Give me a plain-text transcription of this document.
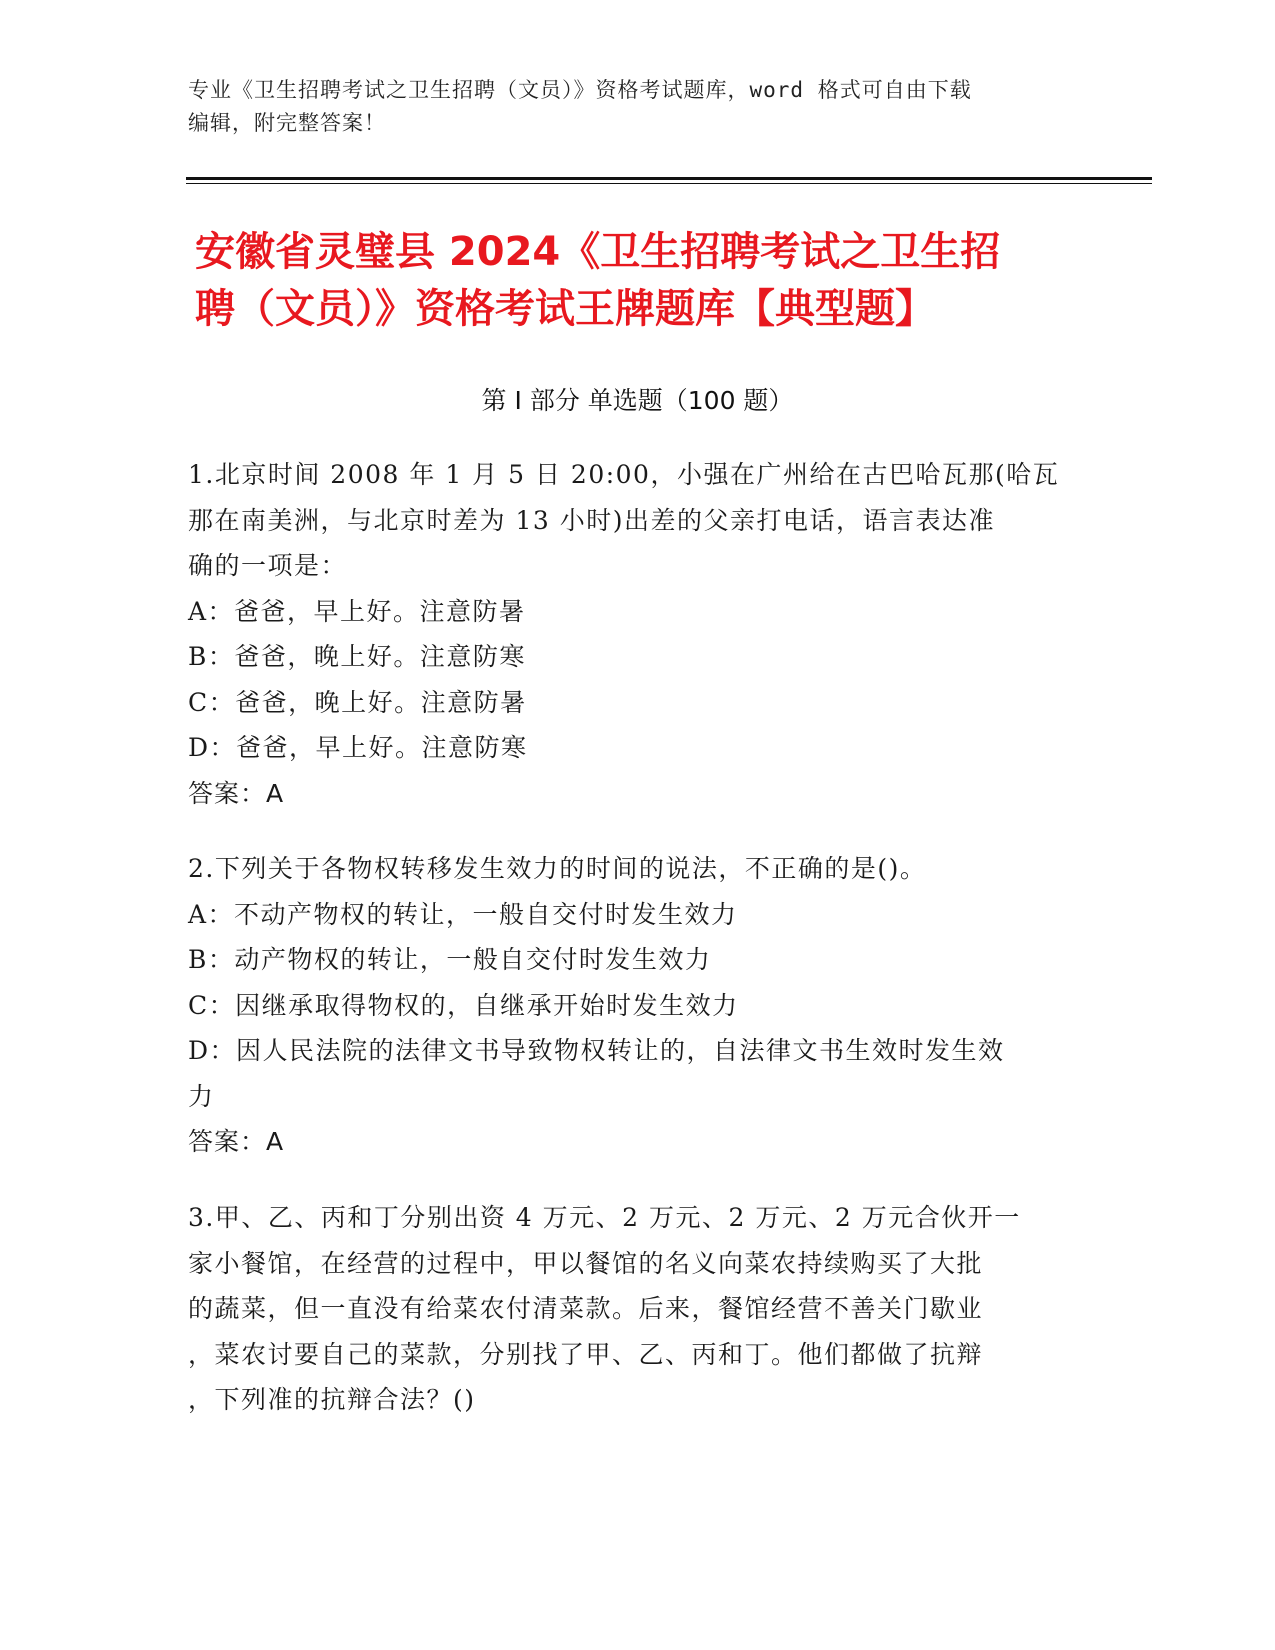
专业《卫生招聘考试之卫生招聘（文员）》资格考试题库，word 格式可自由下载
编辑，附完整答案！
安徽省灵璧县 2024《卫生招聘考试之卫生招
聘（文员）》资格考试王牌题库【典型题】
第 I 部分 单选题（100 题）
1.北京时间 2008 年 1 月 5 日 20:00，小强在广州给在古巴哈瓦那(哈瓦
那在南美洲，与北京时差为 13 小时)出差的父亲打电话，语言表达准
确的一项是：
A：爸爸，早上好。注意防暑
B：爸爸，晚上好。注意防寒
C：爸爸，晚上好。注意防暑
D：爸爸，早上好。注意防寒
答案：A
2.下列关于各物权转移发生效力的时间的说法，不正确的是()。
A：不动产物权的转让，一般自交付时发生效力
B：动产物权的转让，一般自交付时发生效力
C：因继承取得物权的，自继承开始时发生效力
D：因人民法院的法律文书导致物权转让的，自法律文书生效时发生效
力
答案：A
3.甲、乙、丙和丁分别出资 4 万元、2 万元、2 万元、2 万元合伙开一
家小餐馆，在经营的过程中，甲以餐馆的名义向菜农持续购买了大批
的蔬菜，但一直没有给菜农付清菜款。后来，餐馆经营不善关门歇业
，菜农讨要自己的菜款，分别找了甲、乙、丙和丁。他们都做了抗辩
，下列准的抗辩合法？()
